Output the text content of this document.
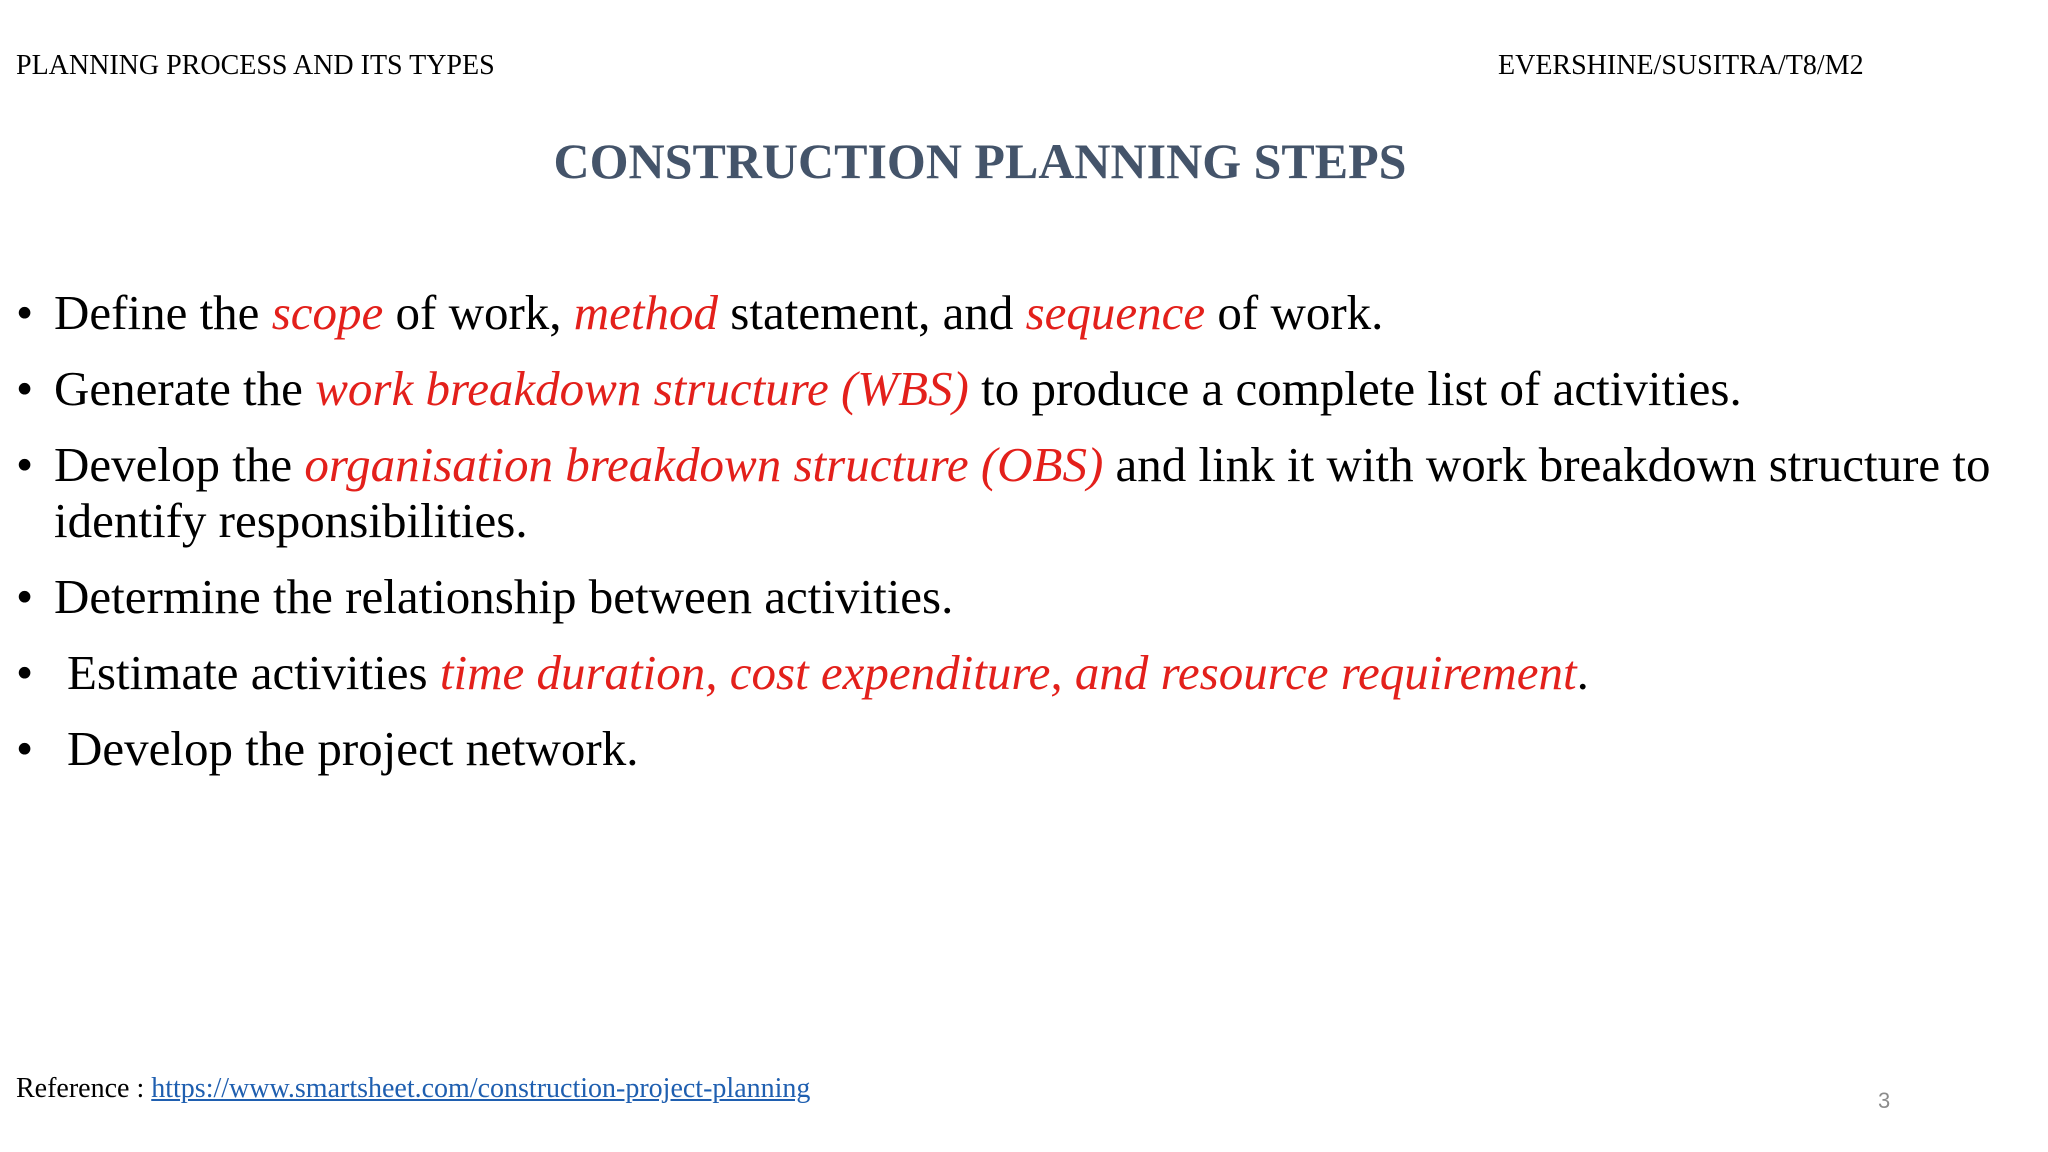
PLANNING PROCESS AND ITS TYPES	EVERSHINE/SUSITRA/T8/M2
CONSTRUCTION PLANNING STEPS
• Define the scope of work, method statement, and sequence of work.
• Generate the work breakdown structure (WBS) to produce a complete list of activities.
• Develop the organisation breakdown structure (OBS) and link it with work breakdown structure to identify responsibilities.
• Determine the relationship between activities.
• Estimate activities time duration, cost expenditure, and resource requirement.
• Develop the project network.
Reference : https://www.smartsheet.com/construction-project-planning	3
